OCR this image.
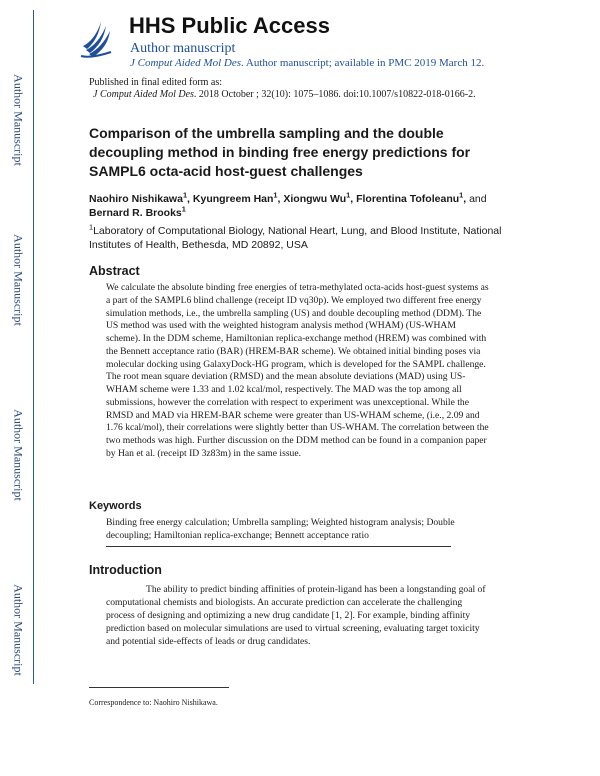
Author Manuscript
Author Manuscript
Author Manuscript
Author Manuscript
HHS Public Access
Author manuscript
J Comput Aided Mol Des. Author manuscript; available in PMC 2019 March 12.
Published in final edited form as:
J Comput Aided Mol Des. 2018 October ; 32(10): 1075–1086. doi:10.1007/s10822-018-0166-2.
Comparison of the umbrella sampling and the double decoupling method in binding free energy predictions for SAMPL6 octa-acid host-guest challenges
Naohiro Nishikawa$^1$, Kyungreem Han$^1$, Xiongwu Wu$^1$, Florentina Tofoleanu$^1$, and Bernard R. Brooks$^1$
$^1$Laboratory of Computational Biology, National Heart, Lung, and Blood Institute, National Institutes of Health, Bethesda, MD 20892, USA
Abstract
We calculate the absolute binding free energies of tetra-methylated octa-acids host-guest systems as a part of the SAMPL6 blind challenge (receipt ID vq30p). We employed two different free energy simulation methods, i.e., the umbrella sampling (US) and double decoupling method (DDM). The US method was used with the weighted histogram analysis method (WHAM) (US-WHAM scheme). In the DDM scheme, Hamiltonian replica-exchange method (HREM) was combined with the Bennett acceptance ratio (BAR) (HREM-BAR scheme). We obtained initial binding poses via molecular docking using GalaxyDock-HG program, which is developed for the SAMPL challenge. The root mean square deviation (RMSD) and the mean absolute deviations (MAD) using US-WHAM scheme were 1.33 and 1.02 kcal/mol, respectively. The MAD was the top among all submissions, however the correlation with respect to experiment was unexceptional. While the RMSD and MAD via HREM-BAR scheme were greater than US-WHAM scheme, (i.e., 2.09 and 1.76 kcal/mol), their correlations were slightly better than US-WHAM. The correlation between the two methods was high. Further discussion on the DDM method can be found in a companion paper by Han et al. (receipt ID 3z83m) in the same issue.
Keywords
Binding free energy calculation; Umbrella sampling; Weighted histogram analysis; Double decoupling; Hamiltonian replica-exchange; Bennett acceptance ratio
Introduction
The ability to predict binding affinities of protein-ligand has been a longstanding goal of computational chemists and biologists. An accurate prediction can accelerate the challenging process of designing and optimizing a new drug candidate [1, 2]. For example, binding affinity prediction based on molecular simulations are used to virtual screening, evaluating target toxicity and potential side-effects of leads or drug candidates.
Correspondence to: Naohiro Nishikawa.
